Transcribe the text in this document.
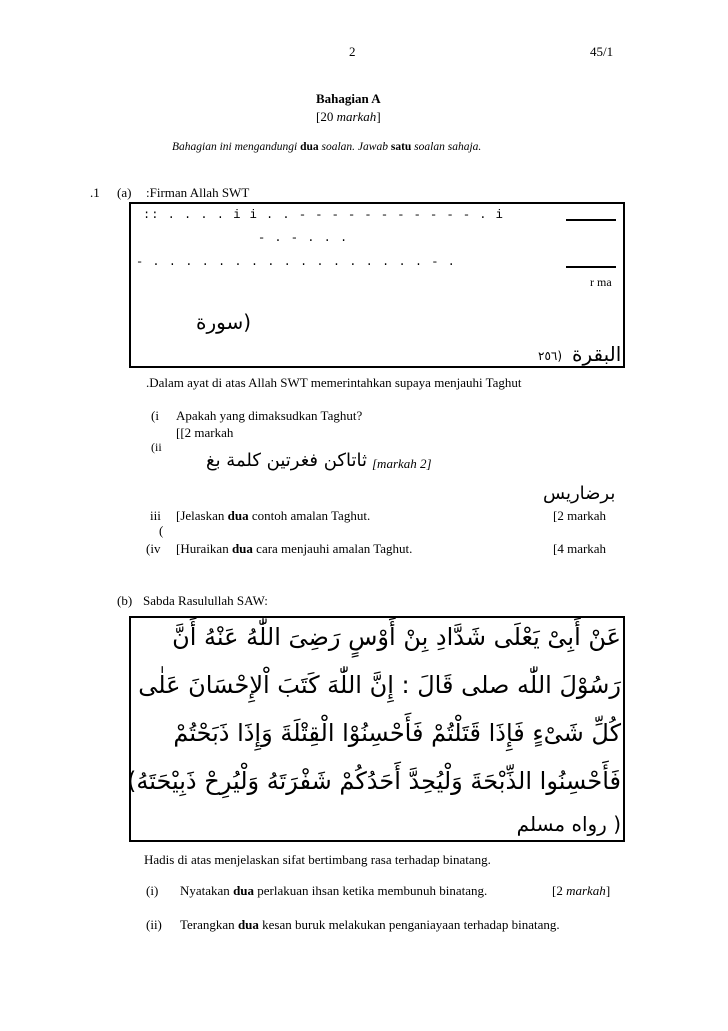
2	45/1
Bahagian A
[20 markah]
Bahagian ini mengandungi dua soalan. Jawab satu soalan sahaja.
.1 (a) :Firman Allah SWT
:: . . . . i i . . - - - - - - - - - - - . i
- . - . . .
- . . . . . . . . . . . . . . . . . - .
r ma
(سورة
(٢٥٦ البقرة
.Dalam ayat di atas Allah SWT memerintahkan supaya menjauhi Taghut
(i Apakah yang dimaksudkan Taghut?
[[2 markah
(ii
ثاتاكن فغرتين كلمة بغ [markah 2]
برضاريس
iii
(
[Jelaskan dua contoh amalan Taghut.	[2 markah
(iv [Huraikan dua cara menjauhi amalan Taghut.	[4 markah
(b) Sabda Rasulullah SAW:
عَنْ أَبِىْ يَعْلَى شَدَّادِ بِنْ أَوْسٍ رَضِىَ اللّٰهُ عَنْهُ أَنَّ
رَسُوْلَ اللّٰه صلى قَالَ : إِنَّ اللّٰهَ كَتَبَ اْلإِحْسَانَ عَلٰى
كُلِّ شَىْءٍ فَإِذَا قَتَلْتُمْ فَأَحْسِنُوْا الْقِتْلَةَ وَإِذَا ذَبَحْتُمْ
فَأَحْسِنُوا الذِّبْحَةَ وَلْيُحِدَّ أَحَدُكُمْ شَفْرَتَهُ وَلْيُرِحْ ذَبِيْحَتَهُ)
( رواه مسلم
Hadis di atas menjelaskan sifat bertimbang rasa terhadap binatang.
(i) Nyatakan dua perlakuan ihsan ketika membunuh binatang.	[2 markah]
(ii) Terangkan dua kesan buruk melakukan penganiayaan terhadap binatang.
